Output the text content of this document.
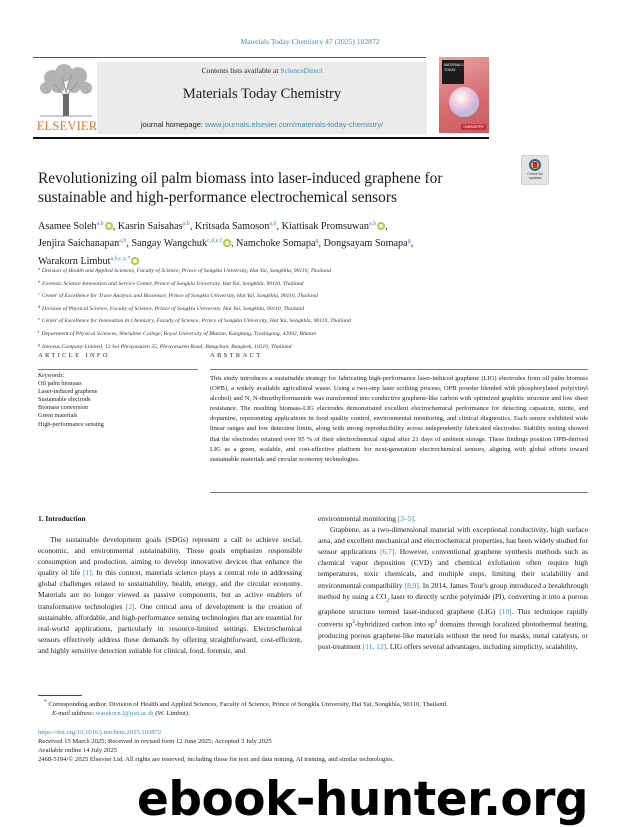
Materials Today Chemistry 47 (2025) 102872
ELSEVIER
Contents lists available at ScienceDirect
Materials Today Chemistry
journal homepage: www.journals.elsevier.com/materials-today-chemistry/
MATERIALS
TODAY
CHEMISTRY
Revolutionizing oil palm biomass into laser-induced graphene for sustainable and high-performance electrochemical sensors
Check for updates
Asamee Soleh$^{a,b}$ , Kasrin Saisahas$^{a,b}$, Kritsada Samoson$^{a,b}$, Kiattisak Promsuwan$^{a,b}$ ,
Jenjira Saichanapan$^{a,b}$, Sangay Wangchuk$^{c,d,e,f}$ , Namchoke Somapa$^g$, Dongsayam Somapa$^g$,
Warakorn Limbut$^{a,b,c,e,*}$
$^a$ Division of Health and Applied Sciences, Faculty of Science, Prince of Songkla University, Hat Yai, Songkhla, 90110, Thailand
$^b$ Forensic Science Innovation and Service Center, Prince of Songkla University, Hat Yai, Songkhla, 90110, Thailand
$^c$ Center of Excellence for Trace Analysis and Biosensor, Prince of Songkla University, Hat Yai, Songkhla, 90110, Thailand
$^d$ Division of Physical Science, Faculty of Science, Prince of Songkla University, Hat Yai, Songkhla, 90110, Thailand
$^e$ Center of Excellence for Innovation in Chemistry, Faculty of Science, Prince of Songkla University, Hat Yai, Songkhla, 90110, Thailand
$^f$ Department of Physical Sciences, Sherubtse College, Royal University of Bhutan, Kanglung, Trashigang, 42002, Bhutan
$^g$ Innovus Company Limited, 12 Soi Phrayasuren 35, Phrayasuren Road, Bangchan, Bangkok, 10510, Thailand
ARTICLE INFO
Keywords:
Oil palm biomass
Laser-induced graphene
Sustainable electrode
Biomass conversion
Green materials
High-performance sensing
ABSTRACT
This study introduces a sustainable strategy for fabricating high-performance laser-induced graphene (LIG) electrodes from oil palm biomass (OPB), a widely available agricultural waste. Using a two-step laser scribing process, OPB powder blended with phosphorylated poly(vinyl alcohol) and N, N-dimethylformamide was transformed into conductive graphene-like carbon with optimized graphitic structure and low sheet resistance. The resulting biomass-LIG electrodes demonstrated excellent electrochemical performance for detecting capsaicin, nitrite, and dopamine, representing applications in food quality control, environmental monitoring, and clinical diagnostics. Each sensor exhibited wide linear ranges and low detection limits, along with strong reproducibility across independently fabricated electrodes. Stability testing showed that the electrodes retained over 95 % of their electrochemical signal after 21 days of ambient storage. These findings position OPB-derived LIG as a green, scalable, and cost-effective platform for next-generation electrochemical sensors, aligning with global efforts toward sustainable materials and circular economy technologies.
1. Introduction

The sustainable development goals (SDGs) represent a call to achieve social, economic, and environmental sustainability. These goals emphasize responsible consumption and production, aiming to develop innovative devices that enhance the quality of life [1]. In this context, materials science plays a central role in addressing global challenges related to sustainability, health, energy, and the circular economy. Materials are no longer viewed as passive components, but as active enablers of transformative technologies [2]. One critical area of development is the creation of sustainable, affordable, and high-performance sensing technologies that are essential for real-world applications, particularly in resource-limited settings. Electrochemical sensors effectively address these demands by offering straightforward, cost-efficient, and highly sensitive detection suitable for clinical, food, forensic, and

environmental monitoring [3–5].

Graphene, as a two-dimensional material with exceptional conductivity, high surface area, and excellent mechanical and electrochemical properties, has been widely studied for sensor applications [6,7]. However, conventional graphene synthesis methods such as chemical vapor deposition (CVD) and chemical exfoliation often require high temperatures, toxic chemicals, and multiple steps, limiting their scalability and environmental compatibility [8,9]. In 2014, James Tour's group introduced a breakthrough method by using a $CO_2$ laser to directly scribe polyimide (PI), converting it into a porous graphene structure termed laser-induced graphene (LIG) [10]. This technique rapidly converts $sp^3$-hybridized carbon into $sp^2$ domains through localized photothermal heating, producing porous graphene-like materials without the need for masks, metal catalysts, or post-treatment [11, 12]. LIG offers several advantages, including simplicity, scalability,

* Corresponding author. Division of Health and Applied Sciences, Faculty of Science, Prince of Songkla University, Hat Yai, Songkhla, 90110, Thailand.
E-mail address: warakorn.l@psu.ac.th (W. Limbut).
https://doi.org/10.1016/j.mtchem.2025.102872
Received 15 March 2025; Received in revised form 12 June 2025; Accepted 3 July 2025
Available online 14 July 2025
2468-5194/© 2025 Elsevier Ltd. All rights are reserved, including those for text and data mining, AI training, and similar technologies.
ebook-hunter.org
